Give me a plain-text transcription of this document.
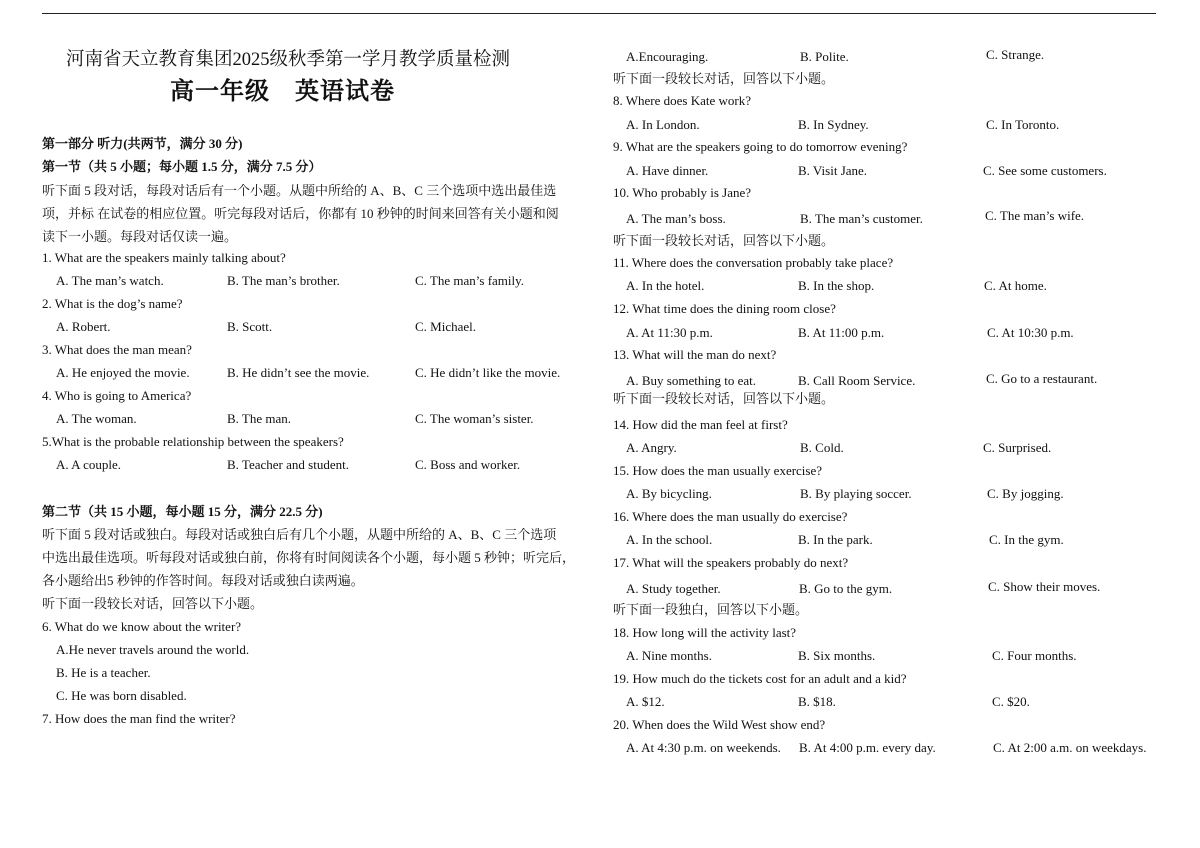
河南省天立教育集团2025级秋季第一学月教学质量检测
高一年级　英语试卷
第一部分 听力(共两节，满分 30 分)
第一节（共 5 小题；每小题 1.5 分，满分 7.5 分）
听下面 5 段对话，每段对话后有一个小题。从题中所给的 A、B、C 三个选项中选出最佳选
项，并标 在试卷的相应位置。听完每段对话后，你都有 10 秒钟的时间来回答有关小题和阅
读下一小题。每段对话仅读一遍。
1. What are the speakers mainly talking about?
A. The man’s watch.	B. The man’s brother.	C. The man’s family.
2. What is the dog’s name?
A. Robert.	B. Scott.	C. Michael.
3. What does the man mean?
A. He enjoyed the movie.	B. He didn’t see the movie.	C. He didn’t like the movie.
4. Who is going to America?
A. The woman.	B. The man.	C. The woman’s sister.
5.What is the probable relationship between the speakers?
A. A couple.	B. Teacher and student.	C. Boss and worker.
第二节（共 15 小题，每小题 15 分，满分 22.5 分)
听下面 5 段对话或独白。每段对话或独白后有几个小题，从题中所给的 A、B、C 三个选项
中选出最佳选项。听每段对话或独白前，你将有时间阅读各个小题，每小题 5 秒钟；听完后，
各小题给出5 秒钟的作答时间。每段对话或独白读两遍。
听下面一段较长对话，回答以下小题。
6. What do we know about the writer?
A.He never travels around the world.
B. He is a teacher.
C. He was born disabled.
7. How does the man find the writer?
A.Encouraging.	B. Polite.	C. Strange.
听下面一段较长对话，回答以下小题。
8. Where does Kate work?
A. In London.	B. In Sydney.	C. In Toronto.
9. What are the speakers going to do tomorrow evening?
A. Have dinner.	B. Visit Jane.	C. See some customers.
10. Who probably is Jane?
A. The man’s boss.	B. The man’s customer.	C. The man’s wife.
听下面一段较长对话，回答以下小题。
11. Where does the conversation probably take place?
A. In the hotel.	B. In the shop.	C. At home.
12. What time does the dining room close?
A. At 11:30 p.m.	B. At 11:00 p.m.	C. At 10:30 p.m.
13. What will the man do next?
A. Buy something to eat.	B. Call Room Service.	C. Go to a restaurant.
听下面一段较长对话，回答以下小题。
14. How did the man feel at first?
A. Angry.	B. Cold.	C. Surprised.
15. How does the man usually exercise?
A. By bicycling.	B. By playing soccer.	C. By jogging.
16. Where does the man usually do exercise?
A. In the school.	B. In the park.	C. In the gym.
17. What will the speakers probably do next?
A. Study together.	B. Go to the gym.	C. Show their moves.
听下面一段独白，回答以下小题。
18. How long will the activity last?
A. Nine months.	B. Six months.	C. Four months.
19. How much do the tickets cost for an adult and a kid?
A. $12.	B. $18.	C. $20.
20. When does the Wild West show end?
A. At 4:30 p.m. on weekends. B. At 4:00 p.m. every day.	C. At 2:00 a.m. on weekdays.
